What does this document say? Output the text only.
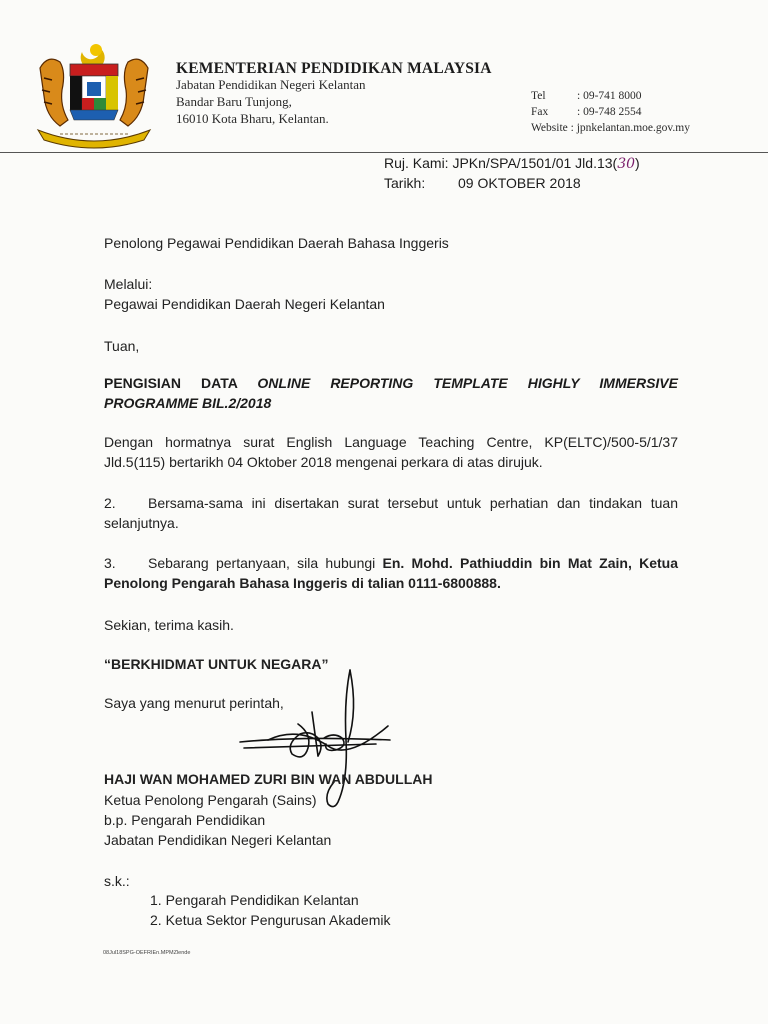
KEMENTERIAN PENDIDIKAN MALAYSIA
Jabatan Pendidikan Negeri Kelantan
Bandar Baru Tunjong,
16010 Kota Bharu, Kelantan.
Tel	: 09-741 8000
Fax	: 09-748 2554
Website : jpnkelantan.moe.gov.my
Ruj. Kami: JPKn/SPA/1501/01 Jld.13(30)
Tarikh: 09 OKTOBER 2018
Penolong Pegawai Pendidikan Daerah Bahasa Inggeris
Melalui:
Pegawai Pendidikan Daerah Negeri Kelantan
Tuan,
PENGISIAN DATA ONLINE REPORTING TEMPLATE HIGHLY IMMERSIVE
PROGRAMME BIL.2/2018
Dengan hormatnya surat English Language Teaching Centre, KP(ELTC)/500-5/1/37
Jld.5(115) bertarikh 04 Oktober 2018 mengenai perkara di atas dirujuk.
2. Bersama-sama ini disertakan surat tersebut untuk perhatian dan tindakan tuan
selanjutnya.
3. Sebarang pertanyaan, sila hubungi En. Mohd. Pathiuddin bin Mat Zain, Ketua
Penolong Pengarah Bahasa Inggeris di talian 0111-6800888.
Sekian, terima kasih.
“BERKHIDMAT UNTUK NEGARA”
Saya yang menurut perintah,
HAJI WAN MOHAMED ZURI BIN WAN ABDULLAH
Ketua Penolong Pengarah (Sains)
b.p. Pengarah Pendidikan
Jabatan Pendidikan Negeri Kelantan
s.k.:
1. Pengarah Pendidikan Kelantan
2. Ketua Sektor Pengurusan Akademik
08Jul18SPG-OEFRIEn.MPMZlende
